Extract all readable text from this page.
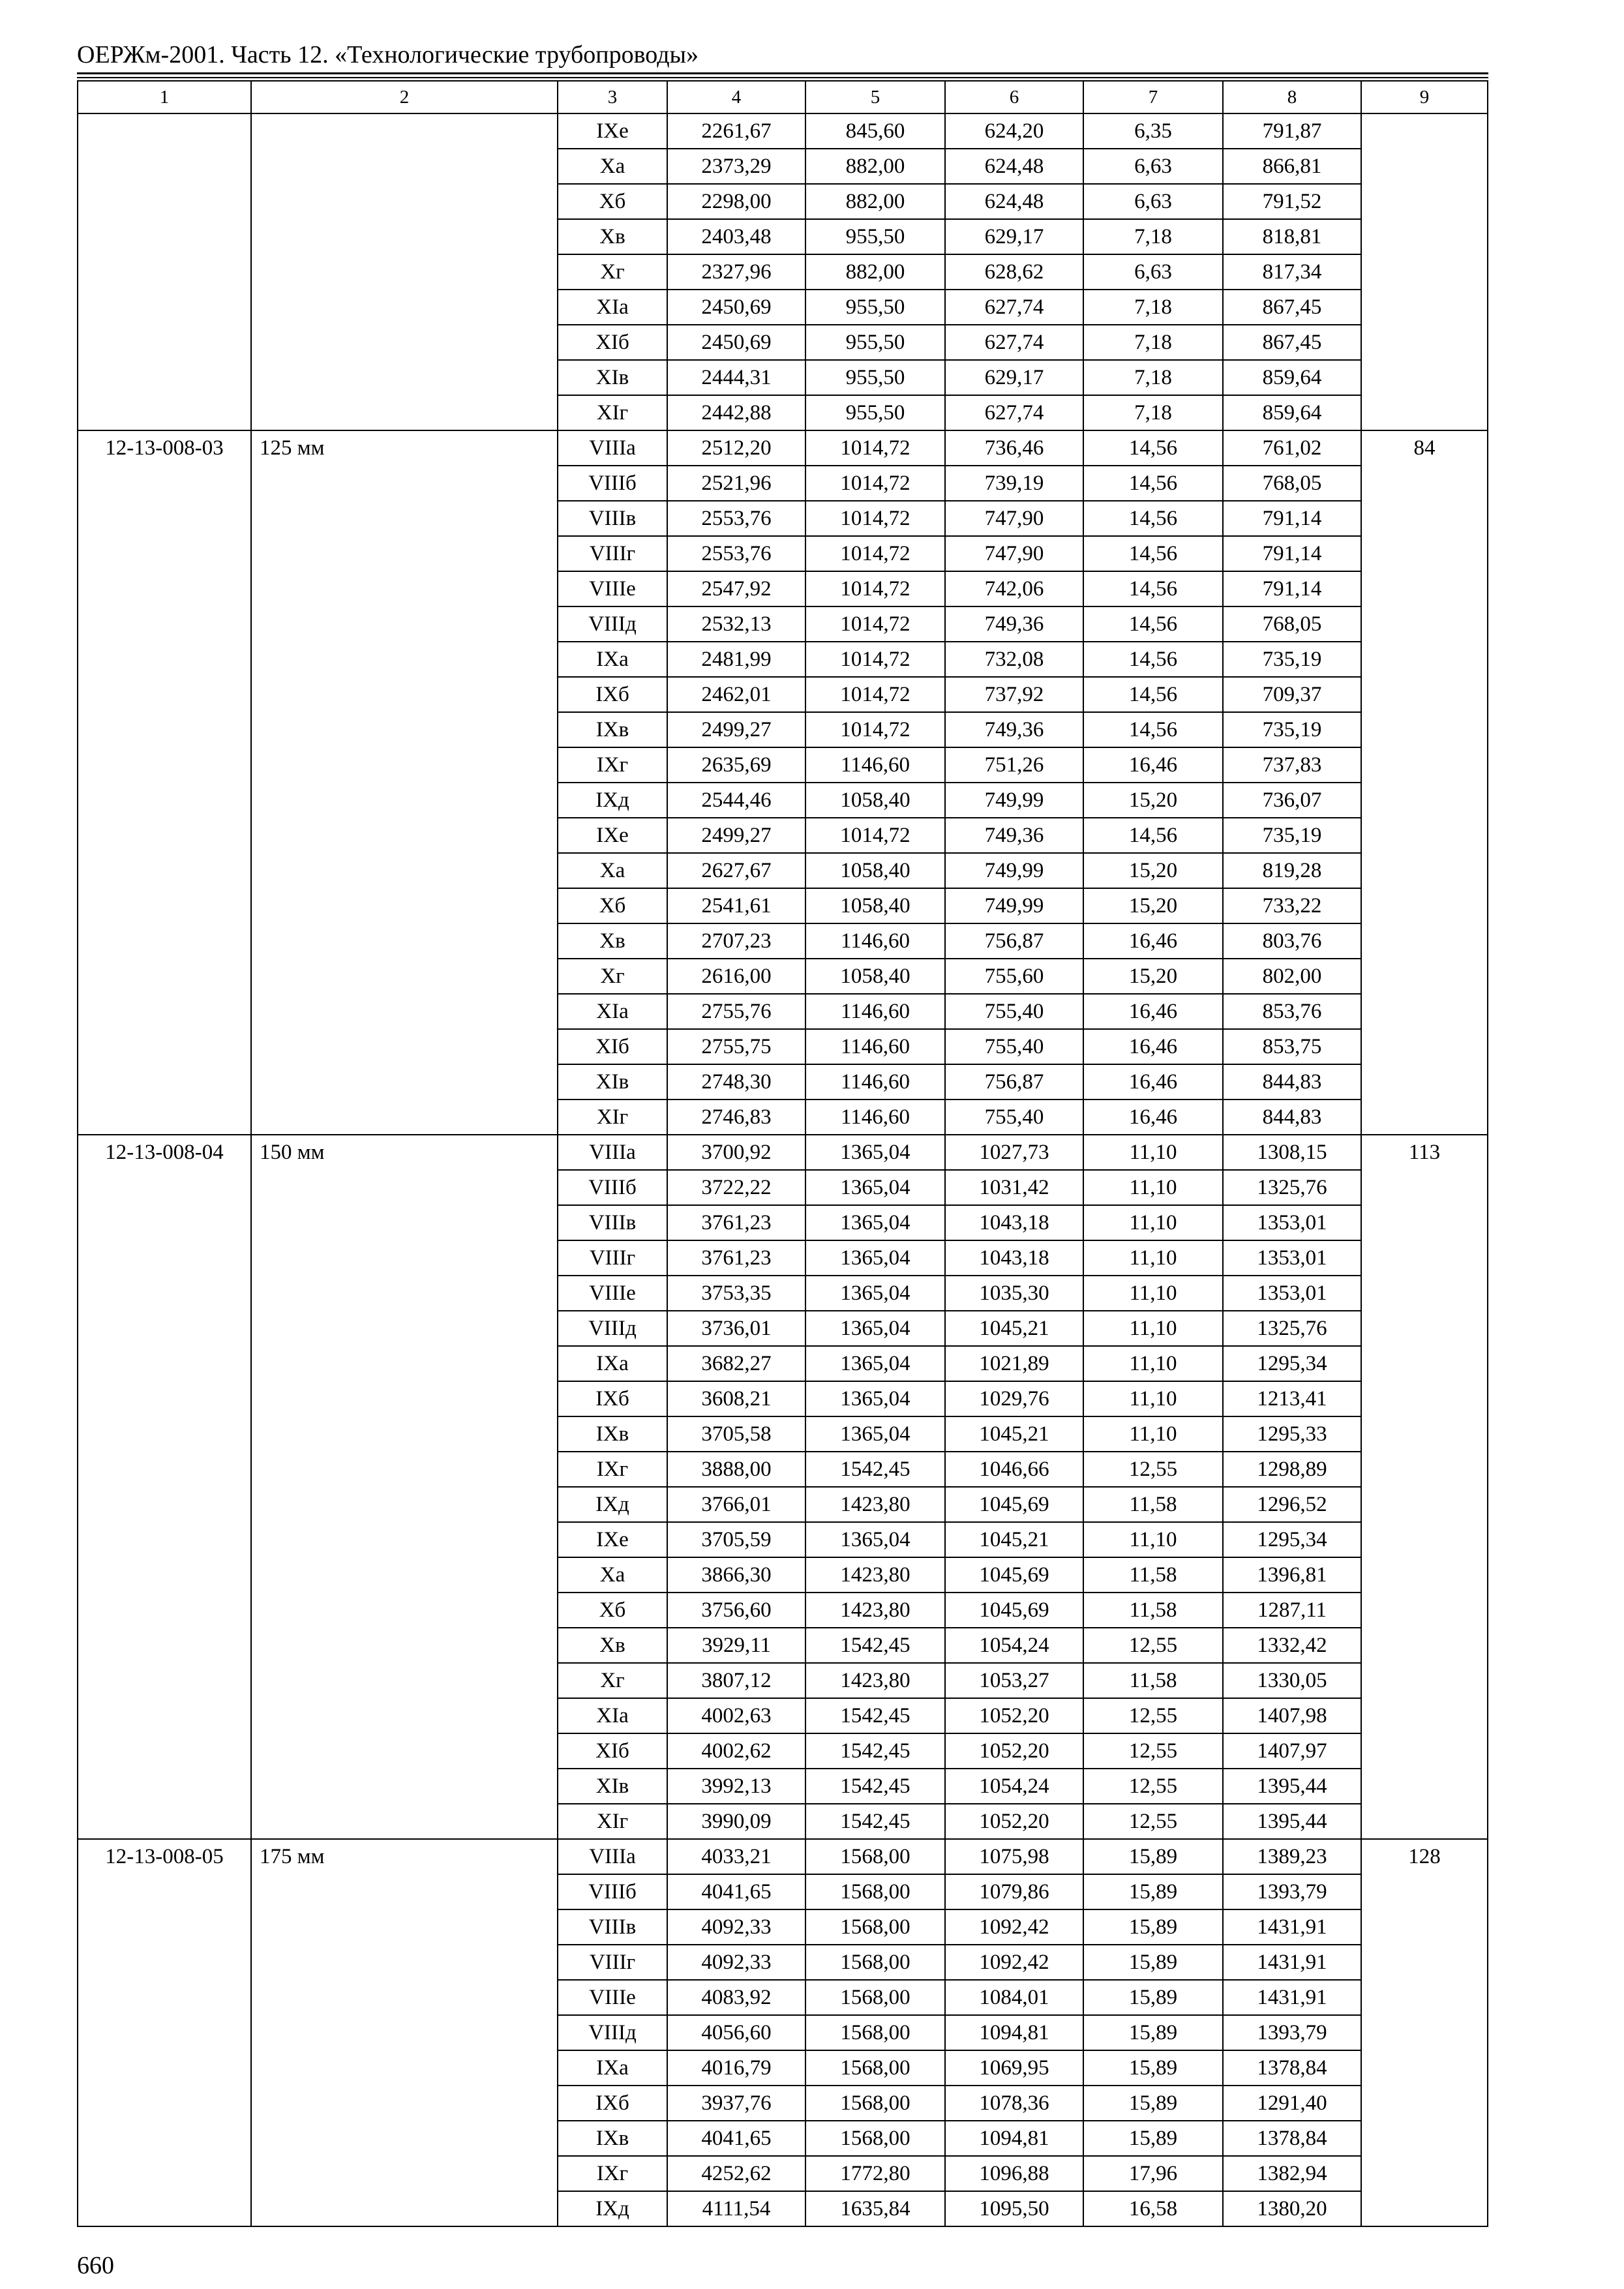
ОЕРЖм-2001. Часть 12. «Технологические трубопроводы»
1	2	3	4	5	6	7	8	9
		IXе	2261,67	845,60	624,20	6,35	791,87	
		Xа	2373,29	882,00	624,48	6,63	866,81	
		Xб	2298,00	882,00	624,48	6,63	791,52	
		Xв	2403,48	955,50	629,17	7,18	818,81	
		Xг	2327,96	882,00	628,62	6,63	817,34	
		XIа	2450,69	955,50	627,74	7,18	867,45	
		XIб	2450,69	955,50	627,74	7,18	867,45	
		XIв	2444,31	955,50	629,17	7,18	859,64	
		XIг	2442,88	955,50	627,74	7,18	859,64	
12-13-008-03	125 мм	VIIIа	2512,20	1014,72	736,46	14,56	761,02	84
		VIIIб	2521,96	1014,72	739,19	14,56	768,05	
		VIIIв	2553,76	1014,72	747,90	14,56	791,14	
		VIIIг	2553,76	1014,72	747,90	14,56	791,14	
		VIIIе	2547,92	1014,72	742,06	14,56	791,14	
		VIIIд	2532,13	1014,72	749,36	14,56	768,05	
		IXа	2481,99	1014,72	732,08	14,56	735,19	
		IXб	2462,01	1014,72	737,92	14,56	709,37	
		IXв	2499,27	1014,72	749,36	14,56	735,19	
		IXг	2635,69	1146,60	751,26	16,46	737,83	
		IXд	2544,46	1058,40	749,99	15,20	736,07	
		IXе	2499,27	1014,72	749,36	14,56	735,19	
		Xа	2627,67	1058,40	749,99	15,20	819,28	
		Xб	2541,61	1058,40	749,99	15,20	733,22	
		Xв	2707,23	1146,60	756,87	16,46	803,76	
		Xг	2616,00	1058,40	755,60	15,20	802,00	
		XIа	2755,76	1146,60	755,40	16,46	853,76	
		XIб	2755,75	1146,60	755,40	16,46	853,75	
		XIв	2748,30	1146,60	756,87	16,46	844,83	
		XIг	2746,83	1146,60	755,40	16,46	844,83	
12-13-008-04	150 мм	VIIIа	3700,92	1365,04	1027,73	11,10	1308,15	113
		VIIIб	3722,22	1365,04	1031,42	11,10	1325,76	
		VIIIв	3761,23	1365,04	1043,18	11,10	1353,01	
		VIIIг	3761,23	1365,04	1043,18	11,10	1353,01	
		VIIIе	3753,35	1365,04	1035,30	11,10	1353,01	
		VIIIд	3736,01	1365,04	1045,21	11,10	1325,76	
		IXа	3682,27	1365,04	1021,89	11,10	1295,34	
		IXб	3608,21	1365,04	1029,76	11,10	1213,41	
		IXв	3705,58	1365,04	1045,21	11,10	1295,33	
		IXг	3888,00	1542,45	1046,66	12,55	1298,89	
		IXд	3766,01	1423,80	1045,69	11,58	1296,52	
		IXе	3705,59	1365,04	1045,21	11,10	1295,34	
		Xа	3866,30	1423,80	1045,69	11,58	1396,81	
		Xб	3756,60	1423,80	1045,69	11,58	1287,11	
		Xв	3929,11	1542,45	1054,24	12,55	1332,42	
		Xг	3807,12	1423,80	1053,27	11,58	1330,05	
		XIа	4002,63	1542,45	1052,20	12,55	1407,98	
		XIб	4002,62	1542,45	1052,20	12,55	1407,97	
		XIв	3992,13	1542,45	1054,24	12,55	1395,44	
		XIг	3990,09	1542,45	1052,20	12,55	1395,44	
12-13-008-05	175 мм	VIIIа	4033,21	1568,00	1075,98	15,89	1389,23	128
		VIIIб	4041,65	1568,00	1079,86	15,89	1393,79	
		VIIIв	4092,33	1568,00	1092,42	15,89	1431,91	
		VIIIг	4092,33	1568,00	1092,42	15,89	1431,91	
		VIIIе	4083,92	1568,00	1084,01	15,89	1431,91	
		VIIIд	4056,60	1568,00	1094,81	15,89	1393,79	
		IXа	4016,79	1568,00	1069,95	15,89	1378,84	
		IXб	3937,76	1568,00	1078,36	15,89	1291,40	
		IXв	4041,65	1568,00	1094,81	15,89	1378,84	
		IXг	4252,62	1772,80	1096,88	17,96	1382,94	
		IXд	4111,54	1635,84	1095,50	16,58	1380,20	
660
